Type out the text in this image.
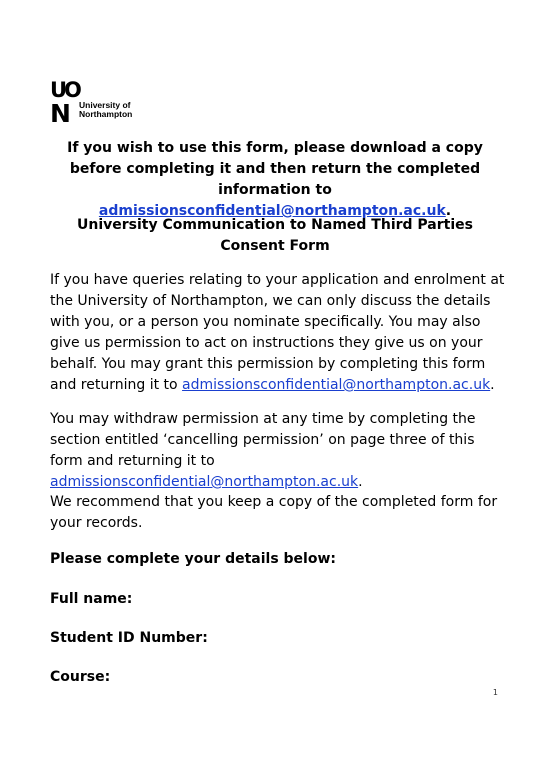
U
O
N University of
Northampton
If you wish to use this form, please download a copy before completing it and then return the completed information to admissionsconfidential@northampton.ac.uk.
University Communication to Named Third Parties Consent Form
If you have queries relating to your application and enrolment at the University of Northampton, we can only discuss the details with you, or a person you nominate specifically. You may also give us permission to act on instructions they give us on your behalf. You may grant this permission by completing this form and returning it to admissionsconfidential@northampton.ac.uk.
You may withdraw permission at any time by completing the section entitled ‘cancelling permission’ on page three of this form and returning it to admissionsconfidential@northampton.ac.uk.
We recommend that you keep a copy of the completed form for your records.
Please complete your details below:
Full name:
Student ID Number:
Course:
1
